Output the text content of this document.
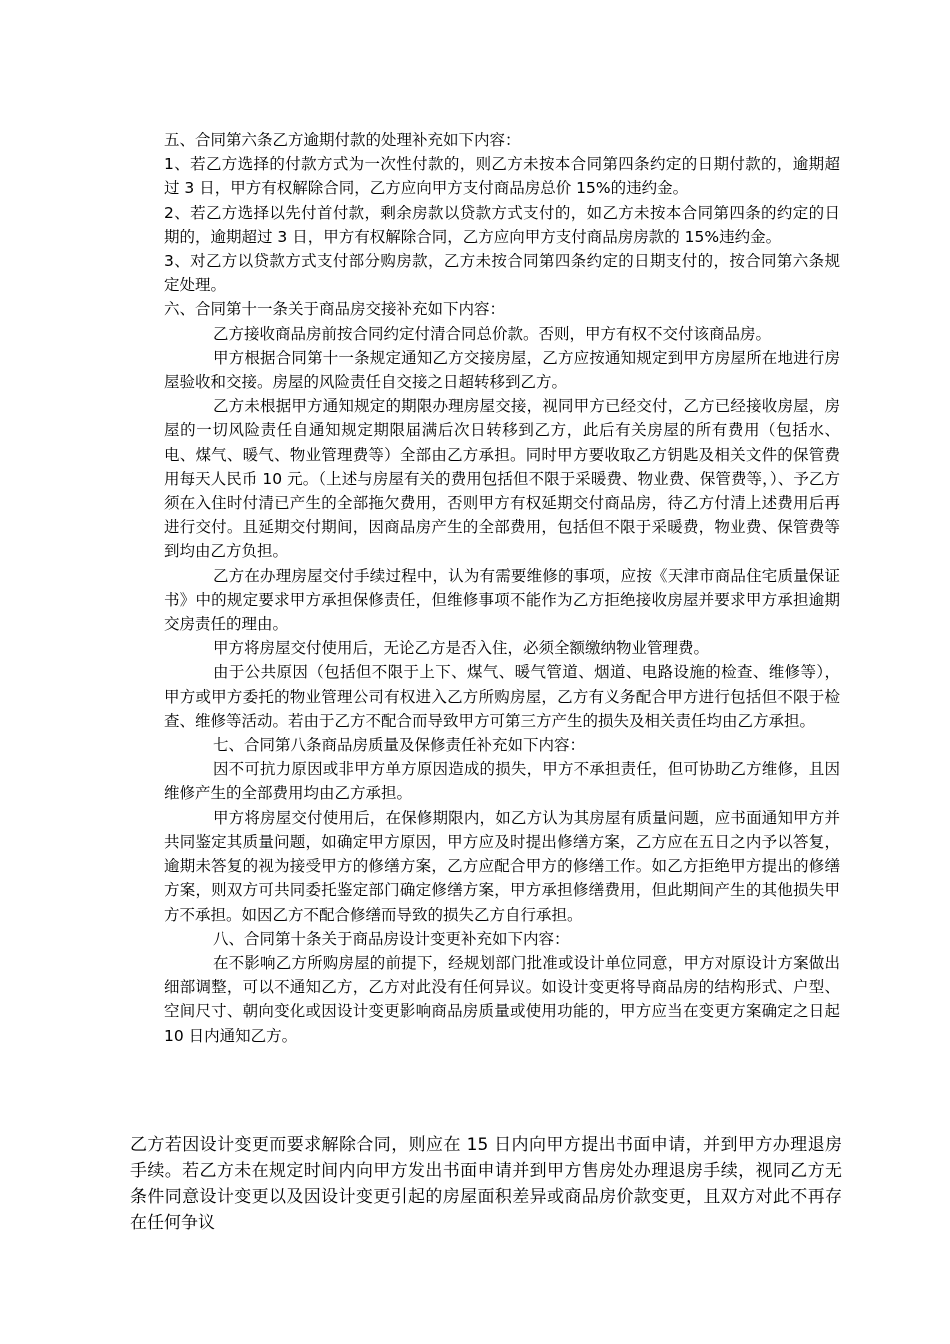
五、合同第六条乙方逾期付款的处理补充如下内容：

1、若乙方选择的付款方式为一次性付款的，则乙方未按本合同第四条约定的日期付款的，逾期超过 3 日，甲方有权解除合同，乙方应向甲方支付商品房总价 15%的违约金。

2、若乙方选择以先付首付款，剩余房款以贷款方式支付的，如乙方未按本合同第四条的约定的日期的，逾期超过 3 日，甲方有权解除合同，乙方应向甲方支付商品房房款的 15%违约金。

3、对乙方以贷款方式支付部分购房款，乙方未按合同第四条约定的日期支付的，按合同第六条规定处理。

六、合同第十一条关于商品房交接补充如下内容：

乙方接收商品房前按合同约定付清合同总价款。否则，甲方有权不交付该商品房。

甲方根据合同第十一条规定通知乙方交接房屋，乙方应按通知规定到甲方房屋所在地进行房屋验收和交接。房屋的风险责任自交接之日超转移到乙方。

乙方未根据甲方通知规定的期限办理房屋交接，视同甲方已经交付，乙方已经接收房屋，房屋的一切风险责任自通知规定期限届满后次日转移到乙方，此后有关房屋的所有费用（包括水、电、煤气、暖气、物业管理费等）全部由乙方承担。同时甲方要收取乙方钥匙及相关文件的保管费用每天人民币 10 元。（上述与房屋有关的费用包括但不限于采暖费、物业费、保管费等，）、予乙方须在入住时付清已产生的全部拖欠费用，否则甲方有权延期交付商品房，待乙方付清上述费用后再进行交付。且延期交付期间，因商品房产生的全部费用，包括但不限于采暖费，物业费、保管费等到均由乙方负担。

乙方在办理房屋交付手续过程中，认为有需要维修的事项，应按《天津市商品住宅质量保证书》中的规定要求甲方承担保修责任，但维修事项不能作为乙方拒绝接收房屋并要求甲方承担逾期交房责任的理由。

甲方将房屋交付使用后，无论乙方是否入住，必须全额缴纳物业管理费。

由于公共原因（包括但不限于上下、煤气、暖气管道、烟道、电路设施的检查、维修等），甲方或甲方委托的物业管理公司有权进入乙方所购房屋，乙方有义务配合甲方进行包括但不限于检查、维修等活动。若由于乙方不配合而导致甲方可第三方产生的损失及相关责任均由乙方承担。

七、合同第八条商品房质量及保修责任补充如下内容：

因不可抗力原因或非甲方单方原因造成的损失，甲方不承担责任，但可协助乙方维修，且因维修产生的全部费用均由乙方承担。

甲方将房屋交付使用后，在保修期限内，如乙方认为其房屋有质量问题，应书面通知甲方并共同鉴定其质量问题，如确定甲方原因，甲方应及时提出修缮方案，乙方应在五日之内予以答复，逾期未答复的视为接受甲方的修缮方案，乙方应配合甲方的修缮工作。如乙方拒绝甲方提出的修缮方案，则双方可共同委托鉴定部门确定修缮方案，甲方承担修缮费用，但此期间产生的其他损失甲方不承担。如因乙方不配合修缮而导致的损失乙方自行承担。

八、合同第十条关于商品房设计变更补充如下内容：

在不影响乙方所购房屋的前提下，经规划部门批准或设计单位同意，甲方对原设计方案做出细部调整，可以不通知乙方，乙方对此没有任何异议。如设计变更将导商品房的结构形式、户型、空间尺寸、朝向变化或因设计变更影响商品房质量或使用功能的，甲方应当在变更方案确定之日起 10 日内通知乙方。

乙方若因设计变更而要求解除合同，则应在 15 日内向甲方提出书面申请，并到甲方办理退房手续。若乙方未在规定时间内向甲方发出书面申请并到甲方售房处办理退房手续，视同乙方无条件同意设计变更以及因设计变更引起的房屋面积差异或商品房价款变更，且双方对此不再存在任何争议
